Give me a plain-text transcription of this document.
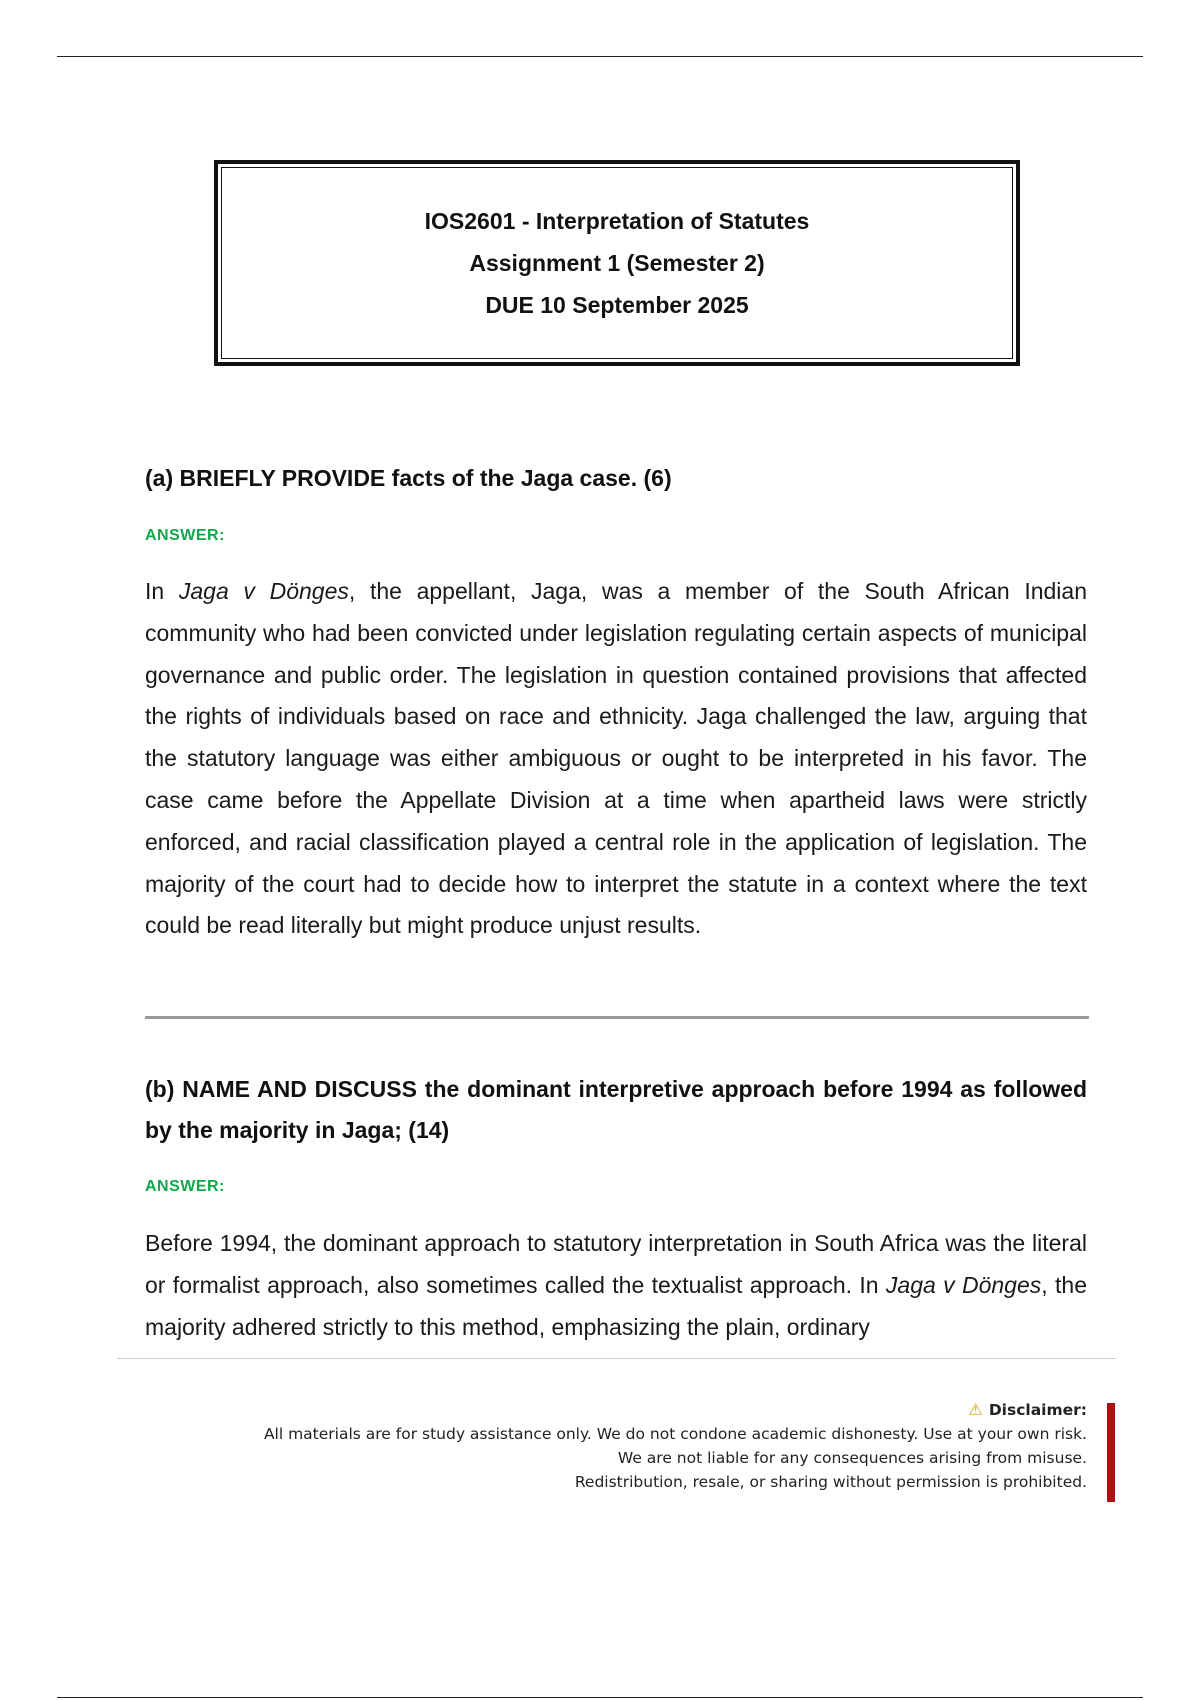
IOS2601 - Interpretation of Statutes
Assignment 1 (Semester 2)
DUE 10 September 2025
(a) BRIEFLY PROVIDE facts of the Jaga case. (6)
ANSWER:
In Jaga v Dönges, the appellant, Jaga, was a member of the South African Indian community who had been convicted under legislation regulating certain aspects of municipal governance and public order. The legislation in question contained provisions that affected the rights of individuals based on race and ethnicity. Jaga challenged the law, arguing that the statutory language was either ambiguous or ought to be interpreted in his favor. The case came before the Appellate Division at a time when apartheid laws were strictly enforced, and racial classification played a central role in the application of legislation. The majority of the court had to decide how to interpret the statute in a context where the text could be read literally but might produce unjust results.
(b) NAME AND DISCUSS the dominant interpretive approach before 1994 as followed by the majority in Jaga; (14)
ANSWER:
Before 1994, the dominant approach to statutory interpretation in South Africa was the literal or formalist approach, also sometimes called the textualist approach. In Jaga v Dönges, the majority adhered strictly to this method, emphasizing the plain, ordinary
⚠ Disclaimer:
All materials are for study assistance only. We do not condone academic dishonesty. Use at your own risk.
We are not liable for any consequences arising from misuse.
Redistribution, resale, or sharing without permission is prohibited.
